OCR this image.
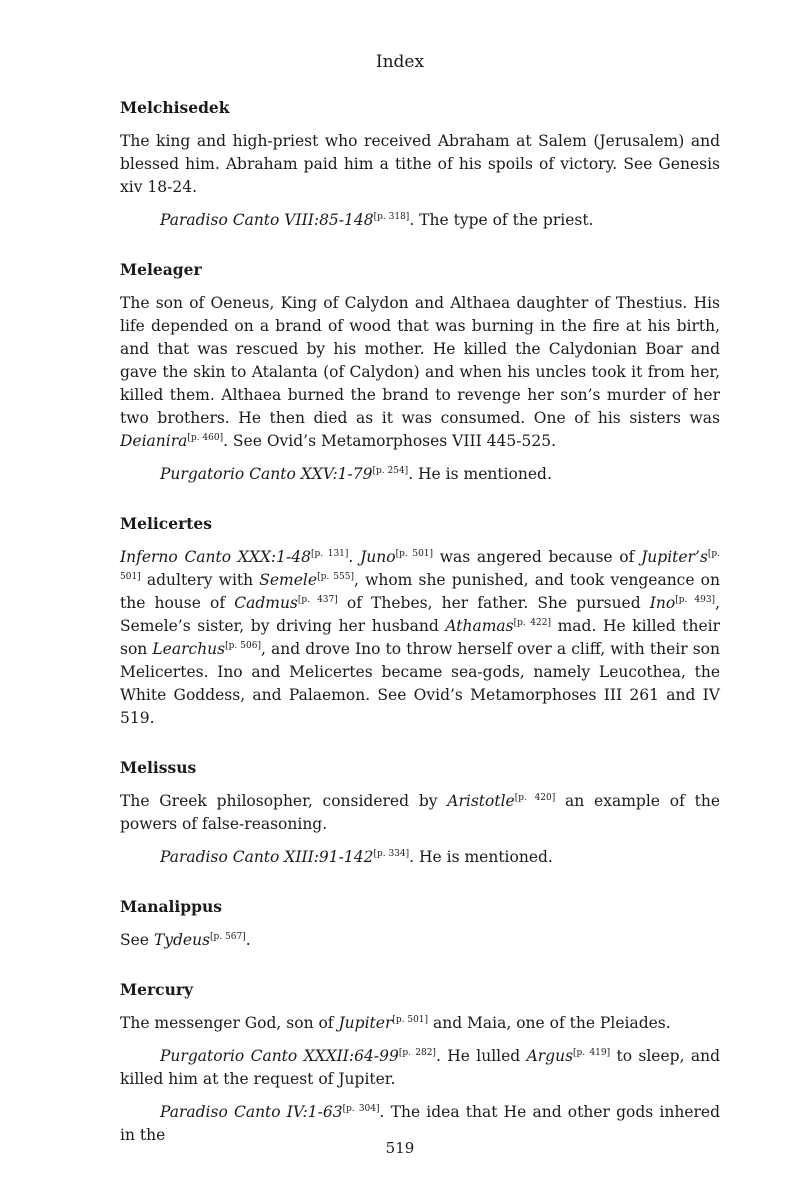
Index
Melchisedek

The king and high-priest who received Abraham at Salem (Jerusalem) and blessed him. Abraham paid him a tithe of his spoils of victory. See Genesis xiv 18-24.

Paradiso Canto VIII:85-148[p. 318]. The type of the priest.

Meleager

The son of Oeneus, King of Calydon and Althaea daughter of Thestius. His life depended on a brand of wood that was burning in the fire at his birth, and that was rescued by his mother. He killed the Calydonian Boar and gave the skin to Atalanta (of Calydon) and when his uncles took it from her, killed them. Althaea burned the brand to revenge her son’s murder of her two brothers. He then died as it was consumed. One of his sisters was Deianira[p. 460]. See Ovid’s Metamorphoses VIII 445-525.

Purgatorio Canto XXV:1-79[p. 254]. He is mentioned.

Melicertes

Inferno Canto XXX:1-48[p. 131]. Juno[p. 501] was angered because of Jupiter’s[p. 501] adultery with Semele[p. 555], whom she punished, and took vengeance on the house of Cadmus[p. 437] of Thebes, her father. She pursued Ino[p. 493], Semele’s sister, by driving her husband Athamas[p. 422] mad. He killed their son Learchus[p. 506], and drove Ino to throw herself over a cliff, with their son Melicertes. Ino and Melicertes became sea-gods, namely Leucothea, the White Goddess, and Palaemon. See Ovid’s Metamorphoses III 261 and IV 519.

Melissus

The Greek philosopher, considered by Aristotle[p. 420] an example of the powers of false-reasoning.

Paradiso Canto XIII:91-142[p. 334]. He is mentioned.

Manalippus

See Tydeus[p. 567].

Mercury

The messenger God, son of Jupiter[p. 501] and Maia, one of the Pleiades.

Purgatorio Canto XXXII:64-99[p. 282]. He lulled Argus[p. 419] to sleep, and killed him at the request of Jupiter.

Paradiso Canto IV:1-63[p. 304]. The idea that He and other gods inhered in the

519
